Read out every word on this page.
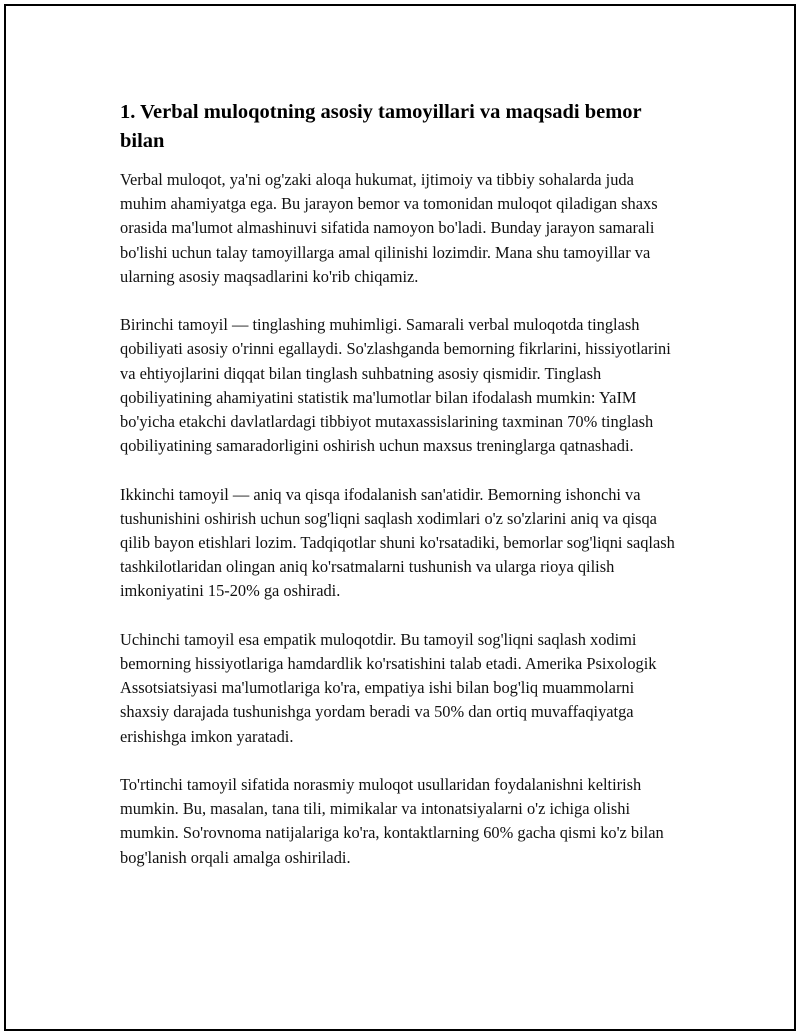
1. Verbal muloqotning asosiy tamoyillari va maqsadi bemor bilan

Verbal muloqot, ya'ni og'zaki aloqa hukumat, ijtimoiy va tibbiy sohalarda juda muhim ahamiyatga ega. Bu jarayon bemor va tomonidan muloqot qiladigan shaxs orasida ma'lumot almashinuvi sifatida namoyon bo'ladi. Bunday jarayon samarali bo'lishi uchun talay tamoyillarga amal qilinishi lozimdir. Mana shu tamoyillar va ularning asosiy maqsadlarini ko'rib chiqamiz.

Birinchi tamoyil — tinglashing muhimligi. Samarali verbal muloqotda tinglash qobiliyati asosiy o'rinni egallaydi. So'zlashganda bemorning fikrlarini, hissiyotlarini va ehtiyojlarini diqqat bilan tinglash suhbatning asosiy qismidir. Tinglash qobiliyatining ahamiyatini statistik ma'lumotlar bilan ifodalash mumkin: YaIM bo'yicha etakchi davlatlardagi tibbiyot mutaxassislarining taxminan 70% tinglash qobiliyatining samaradorligini oshirish uchun maxsus treninglarga qatnashadi.

Ikkinchi tamoyil — aniq va qisqa ifodalanish san'atidir. Bemorning ishonchi va tushunishini oshirish uchun sog'liqni saqlash xodimlari o'z so'zlarini aniq va qisqa qilib bayon etishlari lozim. Tadqiqotlar shuni ko'rsatadiki, bemorlar sog'liqni saqlash tashkilotlaridan olingan aniq ko'rsatmalarni tushunish va ularga rioya qilish imkoniyatini 15-20% ga oshiradi.

Uchinchi tamoyil esa empatik muloqotdir. Bu tamoyil sog'liqni saqlash xodimi bemorning hissiyotlariga hamdardlik ko'rsatishini talab etadi. Amerika Psixologik Assotsiatsiyasi ma'lumotlariga ko'ra, empatiya ishi bilan bog'liq muammolarni shaxsiy darajada tushunishga yordam beradi va 50% dan ortiq muvaffaqiyatga erishishga imkon yaratadi.

To'rtinchi tamoyil sifatida norasmiy muloqot usullaridan foydalanishni keltirish mumkin. Bu, masalan, tana tili, mimikalar va intonatsiyalarni o'z ichiga olishi mumkin. So'rovnoma natijalariga ko'ra, kontaktlarning 60% gacha qismi ko'z bilan bog'lanish orqali amalga oshiriladi.
